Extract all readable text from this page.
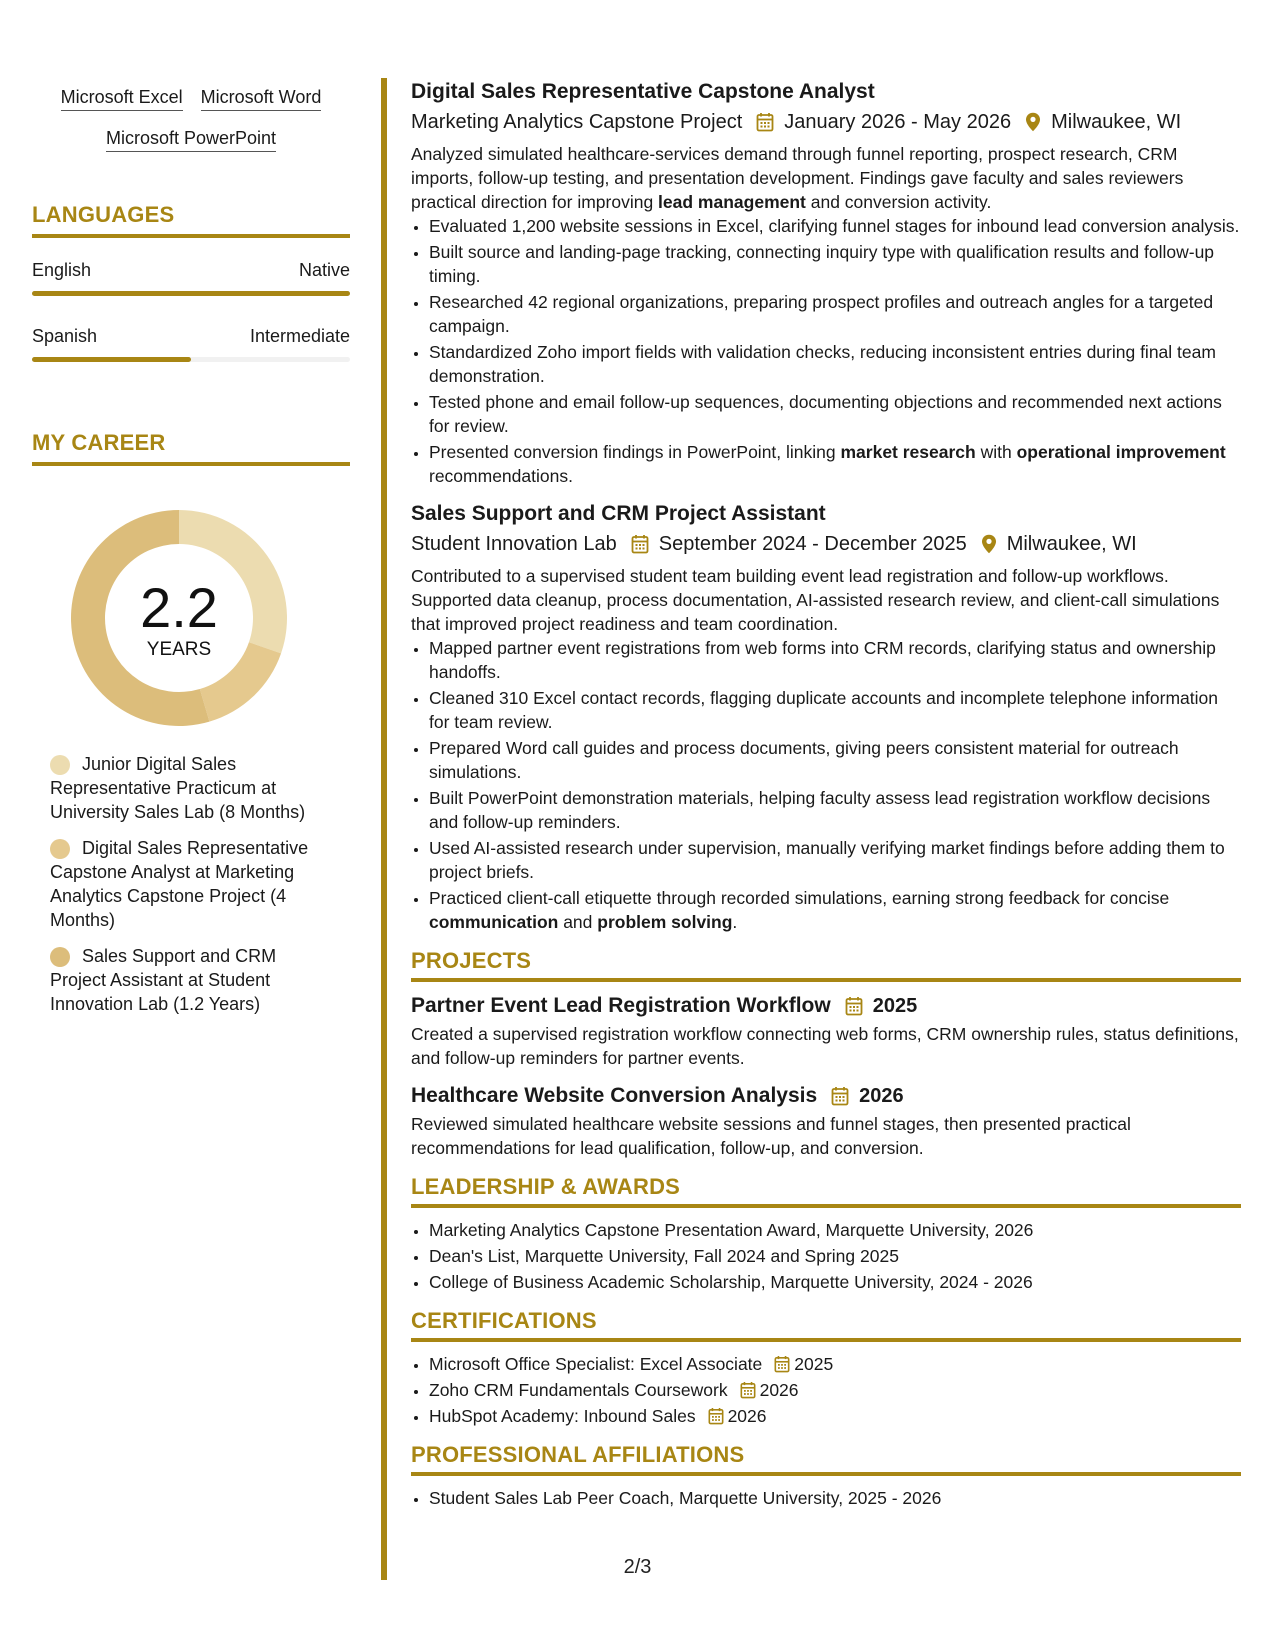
Microsoft Excel Microsoft Word
Microsoft PowerPoint
LANGUAGES
English	Native
Spanish	Intermediate
MY CAREER
2.2
YEARS
Junior Digital Sales Representative Practicum at University Sales Lab (8 Months)
Digital Sales Representative Capstone Analyst at Marketing Analytics Capstone Project (4 Months)
Sales Support and CRM Project Assistant at Student Innovation Lab (1.2 Years)
Digital Sales Representative Capstone Analyst
Marketing Analytics Capstone Project January 2026 - May 2026 Milwaukee, WI
Analyzed simulated healthcare-services demand through funnel reporting, prospect research, CRM imports, follow-up testing, and presentation development. Findings gave faculty and sales reviewers practical direction for improving lead management and conversion activity.
• Evaluated 1,200 website sessions in Excel, clarifying funnel stages for inbound lead conversion analysis.
• Built source and landing-page tracking, connecting inquiry type with qualification results and follow-up timing.
• Researched 42 regional organizations, preparing prospect profiles and outreach angles for a targeted campaign.
• Standardized Zoho import fields with validation checks, reducing inconsistent entries during final team demonstration.
• Tested phone and email follow-up sequences, documenting objections and recommended next actions for review.
• Presented conversion findings in PowerPoint, linking market research with operational improvement recommendations.
Sales Support and CRM Project Assistant
Student Innovation Lab September 2024 - December 2025 Milwaukee, WI
Contributed to a supervised student team building event lead registration and follow-up workflows. Supported data cleanup, process documentation, AI-assisted research review, and client-call simulations that improved project readiness and team coordination.
• Mapped partner event registrations from web forms into CRM records, clarifying status and ownership handoffs.
• Cleaned 310 Excel contact records, flagging duplicate accounts and incomplete telephone information for team review.
• Prepared Word call guides and process documents, giving peers consistent material for outreach simulations.
• Built PowerPoint demonstration materials, helping faculty assess lead registration workflow decisions and follow-up reminders.
• Used AI-assisted research under supervision, manually verifying market findings before adding them to project briefs.
• Practiced client-call etiquette through recorded simulations, earning strong feedback for concise communication and problem solving.
PROJECTS
Partner Event Lead Registration Workflow 2025
Created a supervised registration workflow connecting web forms, CRM ownership rules, status definitions, and follow-up reminders for partner events.
Healthcare Website Conversion Analysis 2026
Reviewed simulated healthcare website sessions and funnel stages, then presented practical recommendations for lead qualification, follow-up, and conversion.
LEADERSHIP & AWARDS
• Marketing Analytics Capstone Presentation Award, Marquette University, 2026
• Dean's List, Marquette University, Fall 2024 and Spring 2025
• College of Business Academic Scholarship, Marquette University, 2024 - 2026
CERTIFICATIONS
• Microsoft Office Specialist: Excel Associate 2025
• Zoho CRM Fundamentals Coursework 2026
• HubSpot Academy: Inbound Sales 2026
PROFESSIONAL AFFILIATIONS
• Student Sales Lab Peer Coach, Marquette University, 2025 - 2026
2/3
